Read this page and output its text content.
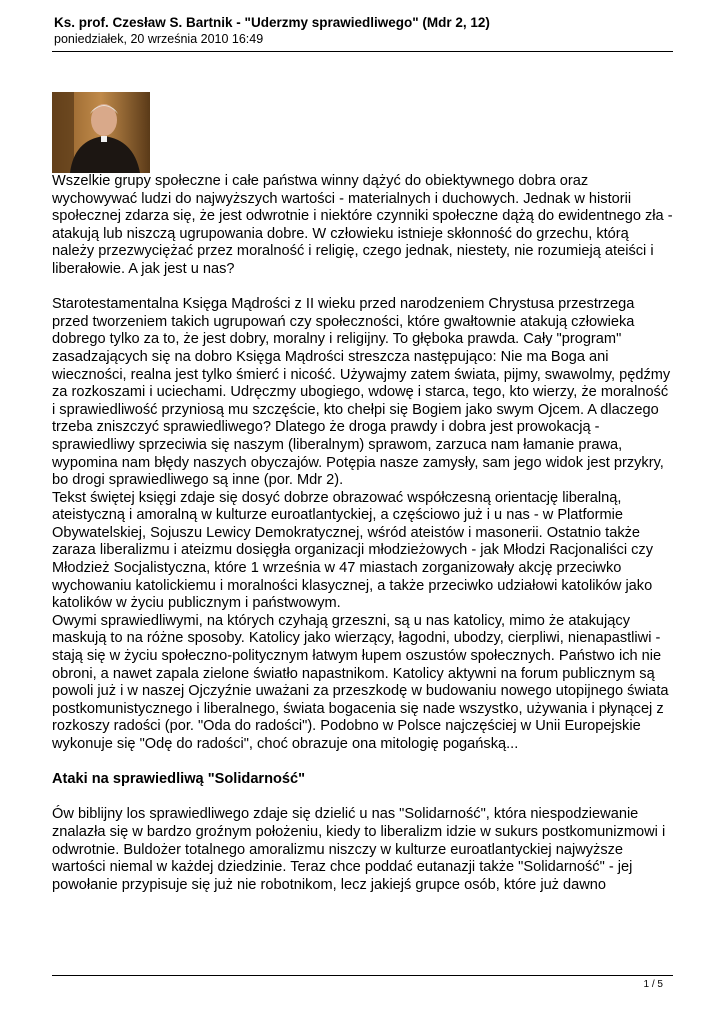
Ks. prof. Czesław S. Bartnik - "Uderzmy sprawiedliwego" (Mdr 2, 12)
poniedziałek, 20 września 2010 16:49

Wszelkie grupy społeczne i całe państwa winny dążyć do obiektywnego dobra oraz wychowywać ludzi do najwyższych wartości - materialnych i duchowych. Jednak w historii społecznej zdarza się, że jest odwrotnie i niektóre czynniki społeczne dążą do ewidentnego zła - atakują lub niszczą ugrupowania dobre. W człowieku istnieje skłonność do grzechu, którą należy przezwyciężać przez moralność i religię, czego jednak, niestety, nie rozumieją ateiści i liberałowie. A jak jest u nas?

Starotestamentalna Księga Mądrości z II wieku przed narodzeniem Chrystusa przestrzega przed tworzeniem takich ugrupowań czy społeczności, które gwałtownie atakują człowieka dobrego tylko za to, że jest dobry, moralny i religijny. To głęboka prawda. Cały "program" zasadzających się na dobro Księga Mądrości streszcza następująco: Nie ma Boga ani wieczności, realna jest tylko śmierć i nicość. Używajmy zatem świata, pijmy, swawolmy, pędźmy za rozkoszami i uciechami. Udręczmy ubogiego, wdowę i starca, tego, kto wierzy, że moralność i sprawiedliwość przyniosą mu szczęście, kto chełpi się Bogiem jako swym Ojcem. A dlaczego trzeba zniszczyć sprawiedliwego? Dlatego że droga prawdy i dobra jest prowokacją - sprawiedliwy sprzeciwia się naszym (liberalnym) sprawom, zarzuca nam łamanie prawa, wypomina nam błędy naszych obyczajów. Potępia nasze zamysły, sam jego widok jest przykry, bo drogi sprawiedliwego są inne (por. Mdr 2).

Tekst świętej księgi zdaje się dosyć dobrze obrazować współczesną orientację liberalną, ateistyczną i amoralną w kulturze euroatlantyckiej, a częściowo już i u nas - w Platformie Obywatelskiej, Sojuszu Lewicy Demokratycznej, wśród ateistów i masonerii. Ostatnio także zaraza liberalizmu i ateizmu dosięgła organizacji młodzieżowych - jak Młodzi Racjonaliści czy Młodzież Socjalistyczna, które 1 września w 47 miastach zorganizowały akcję przeciwko wychowaniu katolickiemu i moralności klasycznej, a także przeciwko udziałowi katolików jako katolików w życiu publicznym i państwowym.

Owymi sprawiedliwymi, na których czyhają grzeszni, są u nas katolicy, mimo że atakujący maskują to na różne sposoby. Katolicy jako wierzący, łagodni, ubodzy, cierpliwi, nienapastliwi - stają się w życiu społeczno-politycznym łatwym łupem oszustów społecznych. Państwo ich nie obroni, a nawet zapala zielone światło napastnikom. Katolicy aktywni na forum publicznym są powoli już i w naszej Ojczyźnie uważani za przeszkodę w budowaniu nowego utopijnego świata postkomunistycznego i liberalnego, świata bogacenia się nade wszystko, używania i płynącej z rozkoszy radości (por. "Oda do radości"). Podobno w Polsce najczęściej w Unii Europejskie wykonuje się "Odę do radości", choć obrazuje ona mitologię pogańską...

Ataki na sprawiedliwą "Solidarność"

Ów biblijny los sprawiedliwego zdaje się dzielić u nas "Solidarność", która niespodziewanie znalazła się w bardzo groźnym położeniu, kiedy to liberalizm idzie w sukurs postkomunizmowi i odwrotnie. Buldożer totalnego amoralizmu niszczy w kulturze euroatlantyckiej najwyższe wartości niemal w każdej dziedzinie. Teraz chce poddać eutanazji także "Solidarność" - jej powołanie przypisuje się już nie robotnikom, lecz jakiejś grupce osób, które już dawno

1 / 5
